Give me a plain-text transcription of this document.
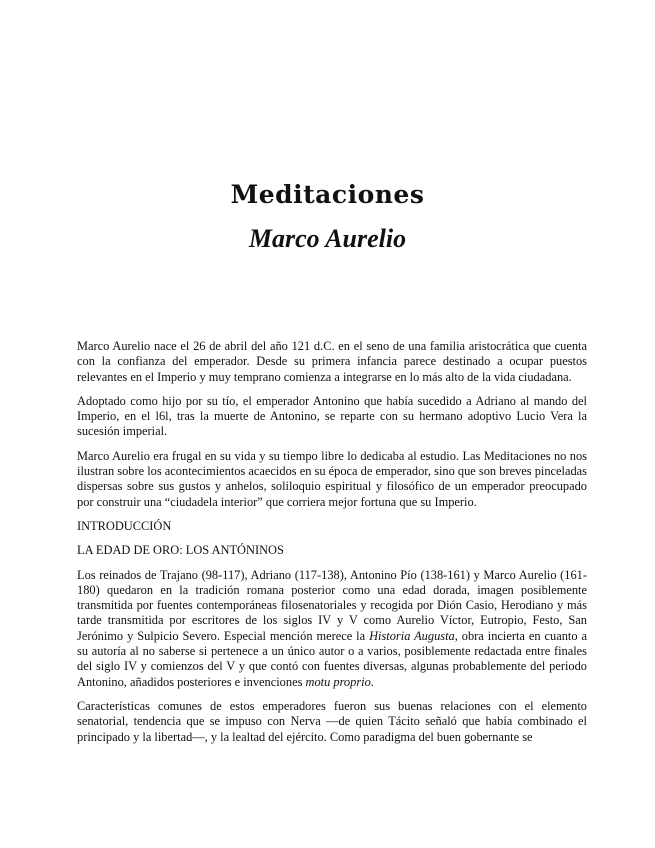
Meditaciones
Marco Aurelio

Marco Aurelio nace el 26 de abril del año 121 d.C. en el seno de una familia aristocrática que cuenta con la confianza del emperador. Desde su primera infancia parece destinado a ocupar puestos relevantes en el Imperio y muy temprano comienza a integrarse en lo más alto de la vida ciudadana.

Adoptado como hijo por su tío, el emperador Antonino que había sucedido a Adriano al mando del Imperio, en el l6l, tras la muerte de Antonino, se reparte con su hermano adoptivo Lucio Vera la sucesión imperial.

Marco Aurelio era frugal en su vida y su tiempo libre lo dedicaba al estudio. Las Meditaciones no nos ilustran sobre los acontecimientos acaecidos en su época de emperador, sino que son breves pinceladas dispersas sobre sus gustos y anhelos, soliloquio espiritual y filosófico de un emperador preocupado por construir una “ciudadela interior” que corriera mejor fortuna que su Imperio.

INTRODUCCIÓN

LA EDAD DE ORO: LOS ANTÓNINOS

Los reinados de Trajano (98-117), Adriano (117-138), Antonino Pío (138-161) y Marco Aurelio (161-180) quedaron en la tradición romana posterior como una edad dorada, imagen posiblemente transmitida por fuentes contemporáneas filosenatoriales y recogida por Dión Casio, Herodiano y más tarde transmitida por escritores de los siglos IV y V como Aurelio Víctor, Eutropio, Festo, San Jerónimo y Sulpicio Severo. Especial mención merece la Historia Augusta, obra incierta en cuanto a su autoría al no saberse si pertenece a un único autor o a varios, posiblemente redactada entre finales del siglo IV y comienzos del V y que contó con fuentes diversas, algunas probablemente del periodo Antonino, añadidos posteriores e invenciones motu proprio.

Características comunes de estos emperadores fueron sus buenas relaciones con el elemento senatorial, tendencia que se impuso con Nerva —de quien Tácito señaló que había combinado el principado y la libertad—, y la lealtad del ejército. Como paradigma del buen gobernante se
